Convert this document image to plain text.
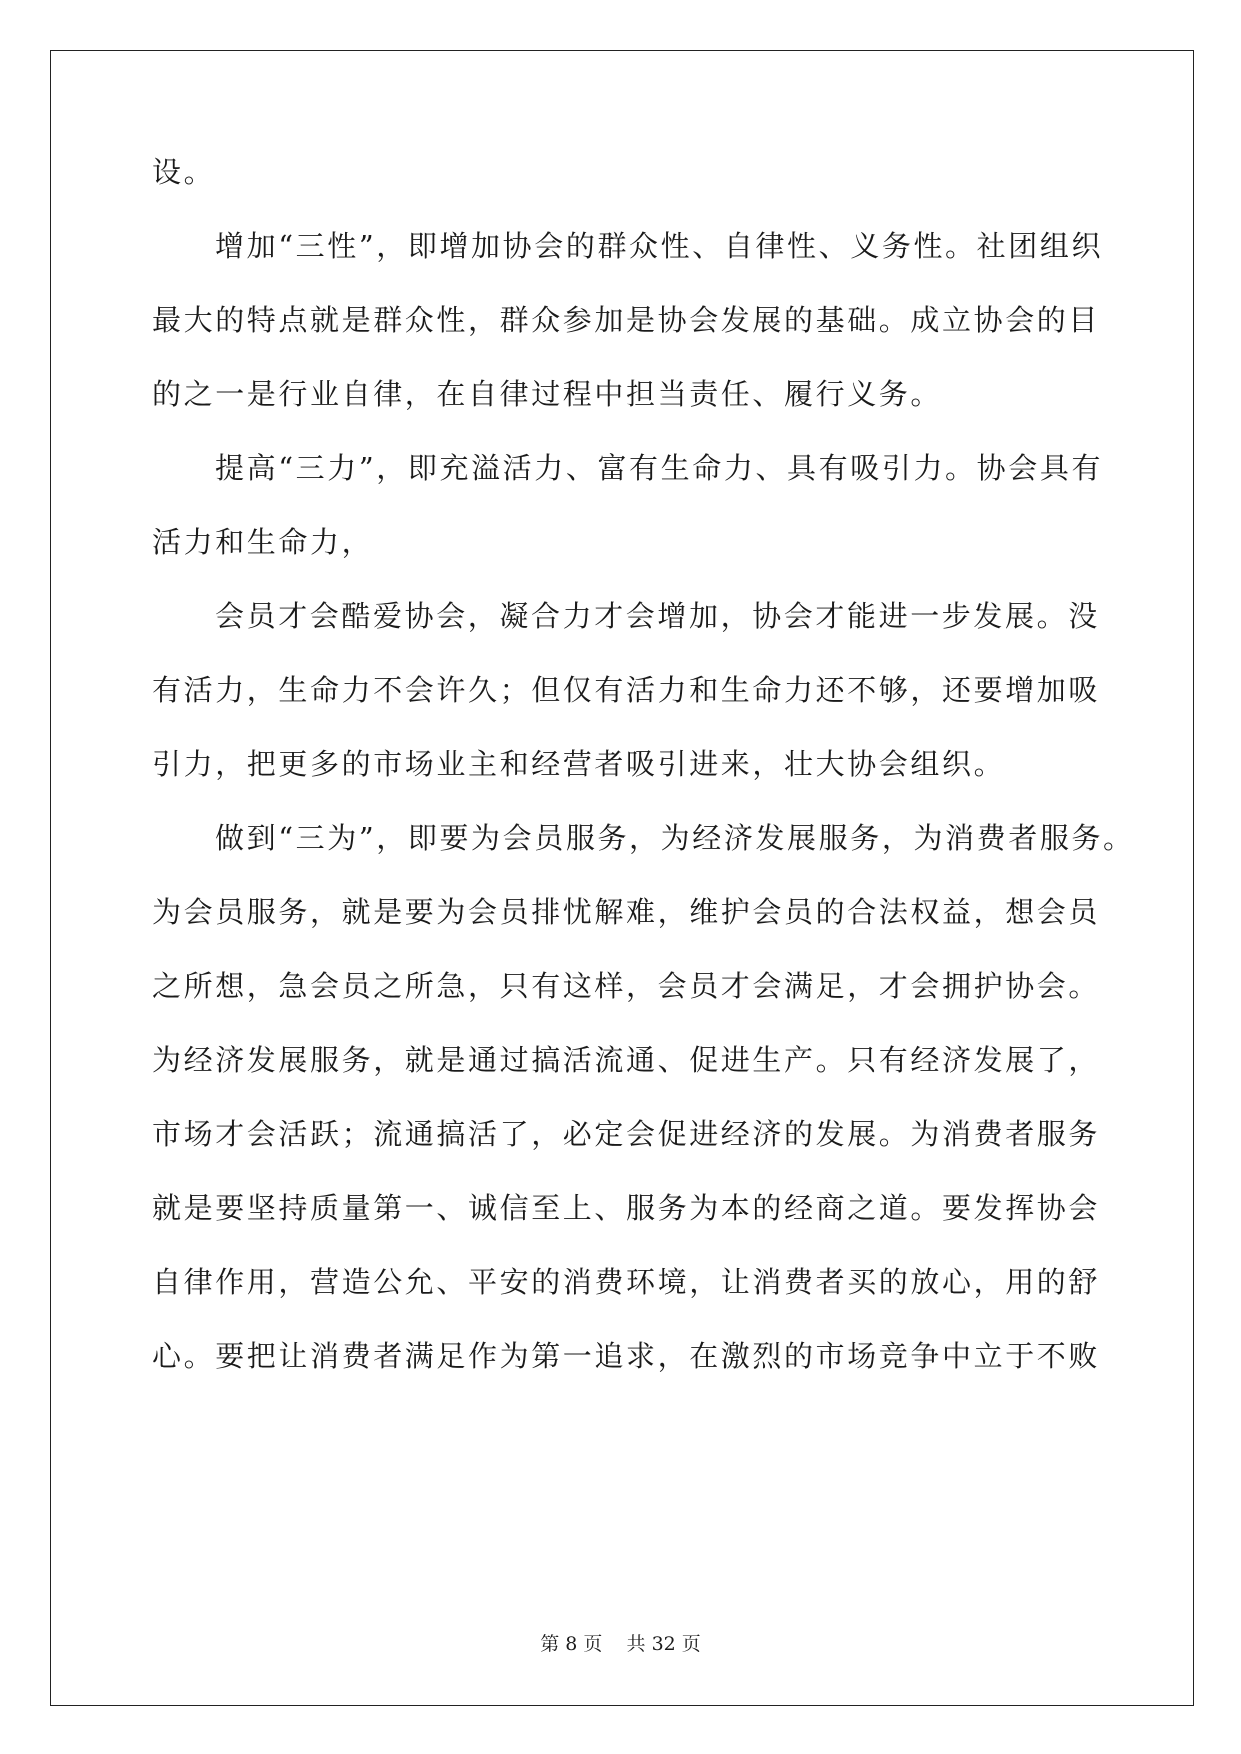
设。
增加“三性”，即增加协会的群众性、自律性、义务性。社团组织
最大的特点就是群众性，群众参加是协会发展的基础。成立协会的目
的之一是行业自律，在自律过程中担当责任、履行义务。
提高“三力”，即充溢活力、富有生命力、具有吸引力。协会具有
活力和生命力，
会员才会酷爱协会，凝合力才会增加，协会才能进一步发展。没
有活力，生命力不会许久；但仅有活力和生命力还不够，还要增加吸
引力，把更多的市场业主和经营者吸引进来，壮大协会组织。
做到“三为”，即要为会员服务，为经济发展服务，为消费者服务。
为会员服务，就是要为会员排忧解难，维护会员的合法权益，想会员
之所想，急会员之所急，只有这样，会员才会满足，才会拥护协会。
为经济发展服务，就是通过搞活流通、促进生产。只有经济发展了，
市场才会活跃；流通搞活了，必定会促进经济的发展。为消费者服务
就是要坚持质量第一、诚信至上、服务为本的经商之道。要发挥协会
自律作用，营造公允、平安的消费环境，让消费者买的放心，用的舒
心。要把让消费者满足作为第一追求，在激烈的市场竞争中立于不败
第 8 页 共 32 页
